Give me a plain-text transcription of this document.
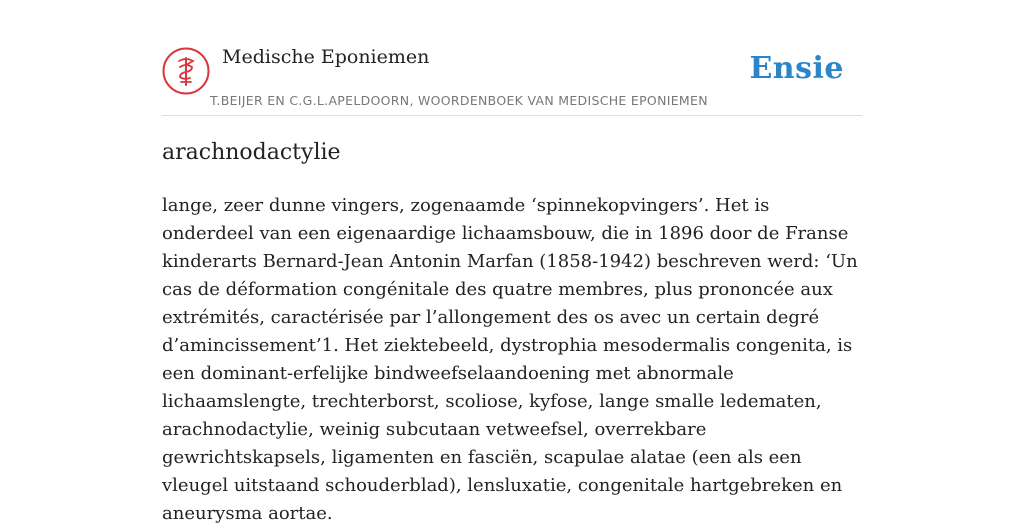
Medische Eponiemen	Ensie
T.BEIJER EN C.G.L.APELDOORN, WOORDENBOEK VAN MEDISCHE EPONIEMEN
arachnodactylie

lange, zeer dunne vingers, zogenaamde ‘spinnekopvingers’. Het is onderdeel van een eigenaardige lichaamsbouw, die in 1896 door de Franse kinderarts Bernard-Jean Antonin Marfan (1858-1942) beschreven werd: ‘Un cas de déformation congénitale des quatre membres, plus prononcée aux extrémités, caractérisée par l’allongement des os avec un certain degré d’amincissement’1. Het ziektebeeld, dystrophia mesodermalis congenita, is een dominant-erfelijke bindweefselaandoening met abnormale lichaamslengte, trechterborst, scoliose, kyfose, lange smalle ledematen, arachnodactylie, weinig subcutaan vetweefsel, overrekbare gewrichtskapsels, ligamenten en fasciën, scapulae alatae (een als een vleugel uitstaand schouderblad), lensluxatie, congenitale hartgebreken en aneurysma aortae.
